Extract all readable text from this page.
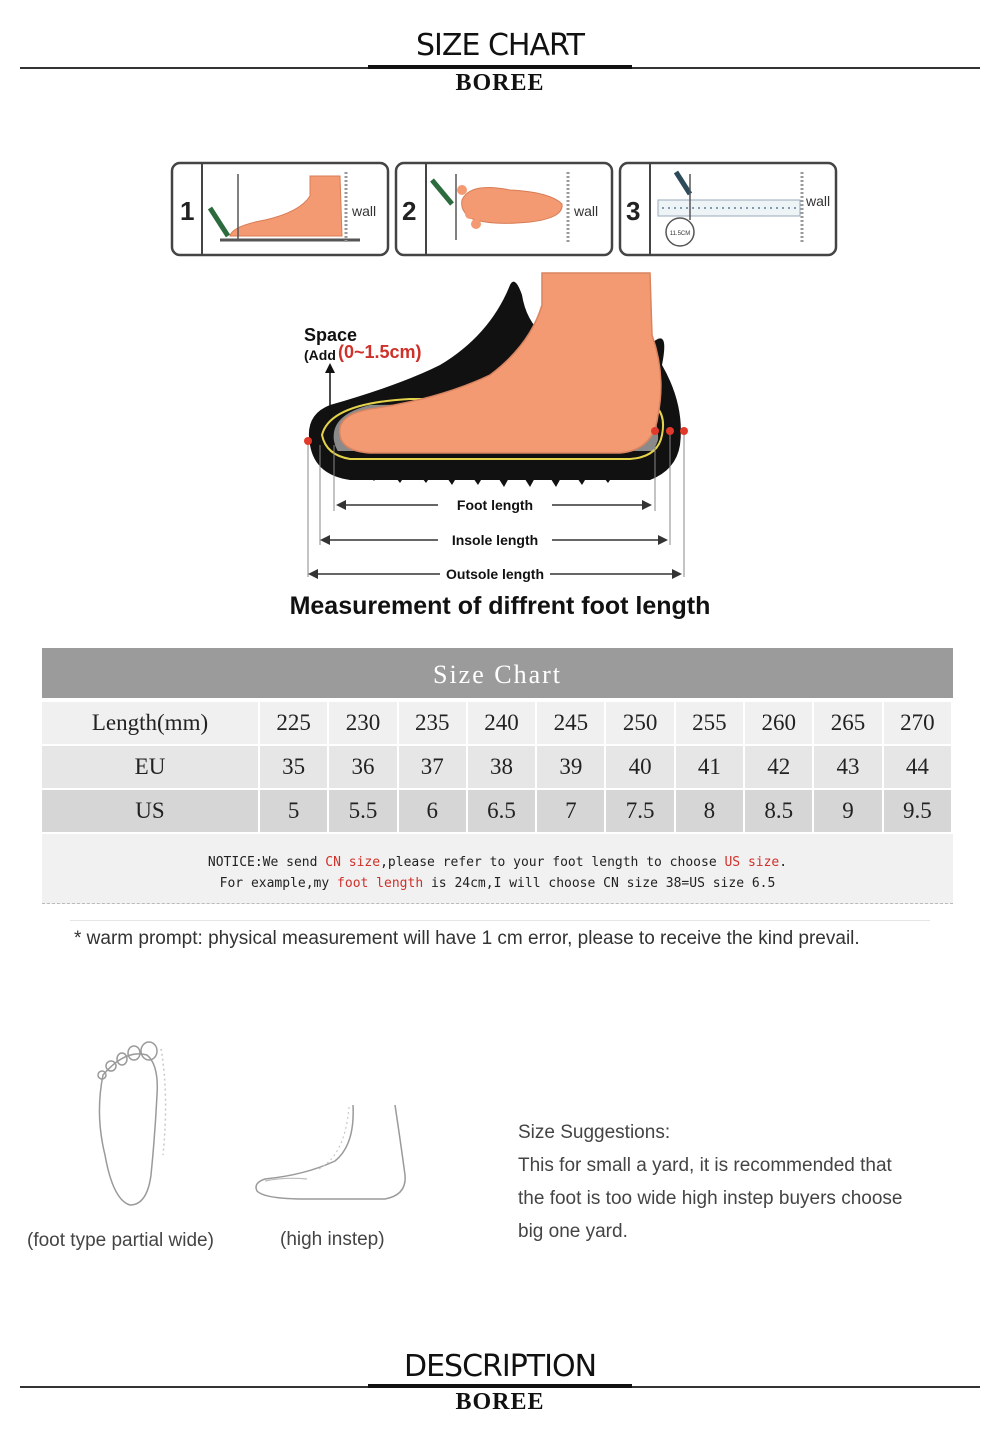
SIZE CHART
BOREE
1	wall 2	wall 3
11.5CM
wall
Space
(Add (0~1.5cm)
Foot length
Insole length
Outsole length
Measurement of diffrent foot length
Size Chart
Length(mm)	225	230	235	240	245	250	255	260	265	270
EU	35	36	37	38	39	40	41	42	43	44
US	5	5.5	6	6.5	7	7.5	8	8.5	9	9.5
NOTICE:We send CN size,please refer to your foot length to choose US size.
For example,my foot length is 24cm,I will choose CN size 38=US size 6.5
* warm prompt: physical measurement will have 1 cm error, please to receive the kind prevail.
(foot type partial wide)	(high instep)
Size Suggestions:
This for small a yard, it is recommended that
the foot is too wide high instep buyers choose
big one yard.
DESCRIPTION
BOREE
